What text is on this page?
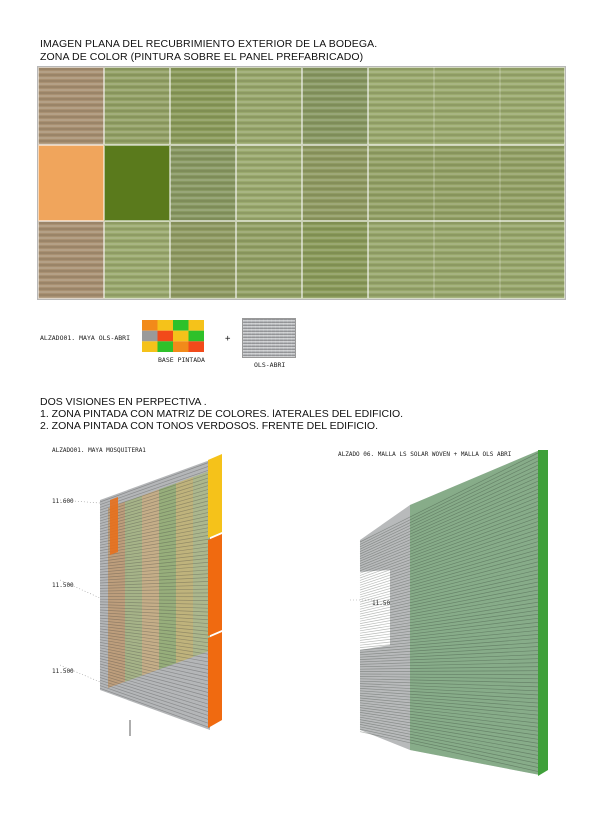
IMAGEN PLANA DEL RECUBRIMIENTO EXTERIOR DE LA BODEGA.
ZONA DE COLOR (PINTURA SOBRE EL PANEL PREFABRICADO)
ALZADO01. MAYA OLS-ABRI
BASE PINTADA
+
OLS-ABRI
DOS VISIONES EN PERPECTIVA .
1. ZONA PINTADA CON MATRIZ DE COLORES. lATERALES DEL EDIFICIO.
2. ZONA PINTADA CON TONOS VERDOSOS. FRENTE DEL EDIFICIO.
ALZADO01. MAYA MOSQUITERA1
11.600
11.500
11.500
ALZADO 06. MALLA LS SOLAR WOVEN + MALLA OLS ABRI
